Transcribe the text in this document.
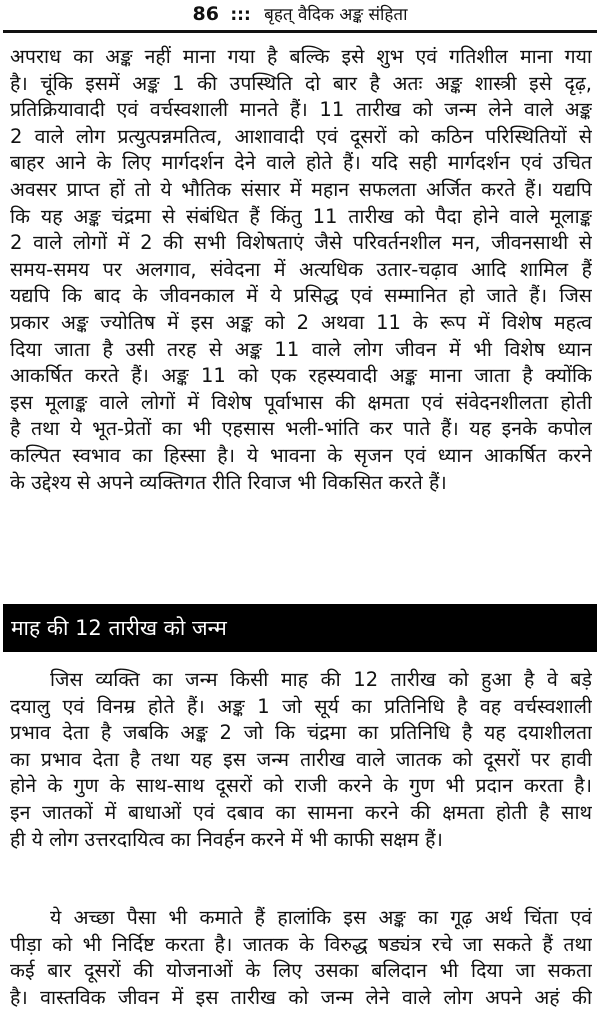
86 ::: बृहत् वैदिक अङ्क संहिता
अपराध का अङ्क नहीं माना गया है बल्कि इसे शुभ एवं गतिशील माना गया
है। चूंकि इसमें अङ्क 1 की उपस्थिति दो बार है अतः अङ्क शास्त्री इसे दृढ़,
प्रतिक्रियावादी एवं वर्चस्वशाली मानते हैं। 11 तारीख को जन्म लेने वाले अङ्क
2 वाले लोग प्रत्युत्पन्नमतित्व, आशावादी एवं दूसरों को कठिन परिस्थितियों से
बाहर आने के लिए मार्गदर्शन देने वाले होते हैं। यदि सही मार्गदर्शन एवं उचित
अवसर प्राप्त हों तो ये भौतिक संसार में महान सफलता अर्जित करते हैं। यद्यपि
कि यह अङ्क चंद्रमा से संबंधित हैं किंतु 11 तारीख को पैदा होने वाले मूलाङ्क
2 वाले लोगों में 2 की सभी विशेषताएं जैसे परिवर्तनशील मन, जीवनसाथी से
समय-समय पर अलगाव, संवेदना में अत्यधिक उतार-चढ़ाव आदि शामिल हैं
यद्यपि कि बाद के जीवनकाल में ये प्रसिद्ध एवं सम्मानित हो जाते हैं। जिस
प्रकार अङ्क ज्योतिष में इस अङ्क को 2 अथवा 11 के रूप में विशेष महत्व
दिया जाता है उसी तरह से अङ्क 11 वाले लोग जीवन में भी विशेष ध्यान
आकर्षित करते हैं। अङ्क 11 को एक रहस्यवादी अङ्क माना जाता है क्योंकि
इस मूलाङ्क वाले लोगों में विशेष पूर्वाभास की क्षमता एवं संवेदनशीलता होती
है तथा ये भूत-प्रेतों का भी एहसास भली-भांति कर पाते हैं। यह इनके कपोल
कल्पित स्वभाव का हिस्सा है। ये भावना के सृजन एवं ध्यान आकर्षित करने
के उद्देश्य से अपने व्यक्तिगत रीति रिवाज भी विकसित करते हैं।
माह की 12 तारीख को जन्म
जिस व्यक्ति का जन्म किसी माह की 12 तारीख को हुआ है वे बड़े
दयालु एवं विनम्र होते हैं। अङ्क 1 जो सूर्य का प्रतिनिधि है वह वर्चस्वशाली
प्रभाव देता है जबकि अङ्क 2 जो कि चंद्रमा का प्रतिनिधि है यह दयाशीलता
का प्रभाव देता है तथा यह इस जन्म तारीख वाले जातक को दूसरों पर हावी
होने के गुण के साथ-साथ दूसरों को राजी करने के गुण भी प्रदान करता है।
इन जातकों में बाधाओं एवं दबाव का सामना करने की क्षमता होती है साथ
ही ये लोग उत्तरदायित्व का निवर्हन करने में भी काफी सक्षम हैं।
ये अच्छा पैसा भी कमाते हैं हालांकि इस अङ्क का गूढ़ अर्थ चिंता एवं
पीड़ा को भी निर्दिष्ट करता है। जातक के विरुद्ध षड्यंत्र रचे जा सकते हैं तथा
कई बार दूसरों की योजनाओं के लिए उसका बलिदान भी दिया जा सकता
है। वास्तविक जीवन में इस तारीख को जन्म लेने वाले लोग अपने अहं की
